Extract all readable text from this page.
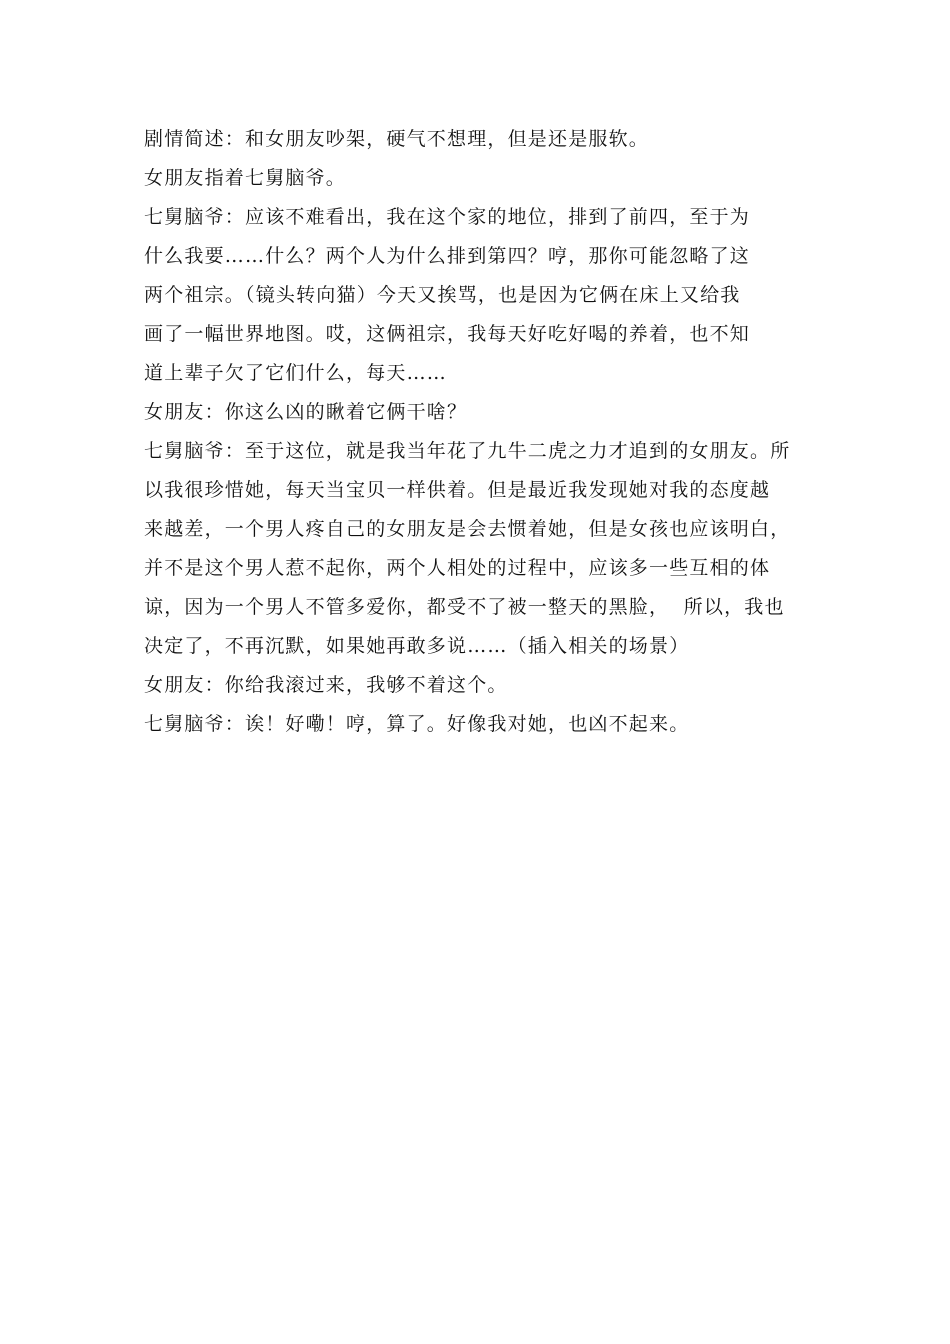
剧情简述：和女朋友吵架，硬气不想理，但是还是服软。
女朋友指着七舅脑爷。
七舅脑爷：应该不难看出，我在这个家的地位，排到了前四，至于为
什么我要……什么？两个人为什么排到第四？哼，那你可能忽略了这
两个祖宗。（镜头转向猫）今天又挨骂，也是因为它俩在床上又给我
画了一幅世界地图。哎，这俩祖宗，我每天好吃好喝的养着，也不知
道上辈子欠了它们什么，每天……
女朋友：你这么凶的瞅着它俩干啥？
七舅脑爷：至于这位，就是我当年花了九牛二虎之力才追到的女朋友。所
以我很珍惜她，每天当宝贝一样供着。但是最近我发现她对我的态度越
来越差，一个男人疼自己的女朋友是会去惯着她，但是女孩也应该明白，
并不是这个男人惹不起你，两个人相处的过程中，应该多一些互相的体
谅，因为一个男人不管多爱你，都受不了被一整天的黑脸，  所以，我也
决定了，不再沉默，如果她再敢多说……（插入相关的场景）
女朋友：你给我滚过来，我够不着这个。
七舅脑爷：诶！好嘞！哼，算了。好像我对她，也凶不起来。
